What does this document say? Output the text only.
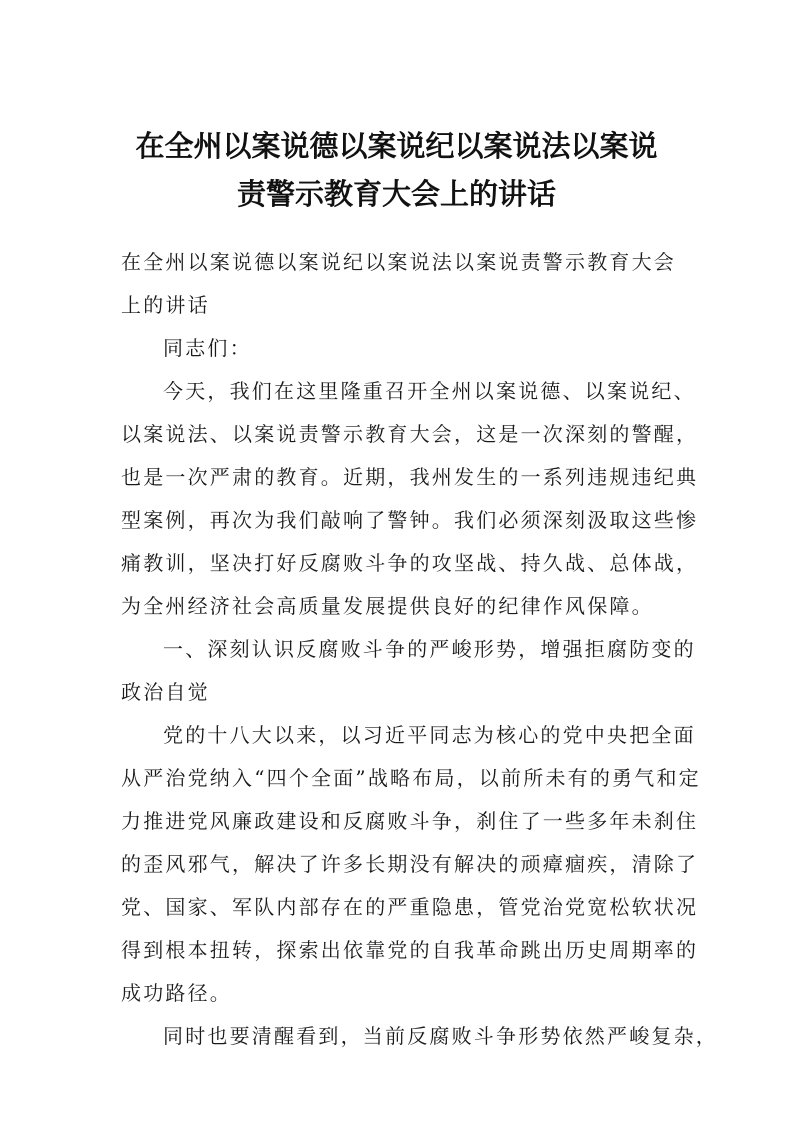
在全州以案说德以案说纪以案说法以案说
责警示教育大会上的讲话
在全州以案说德以案说纪以案说法以案说责警示教育大会
上的讲话
同志们：
今天，我们在这里隆重召开全州以案说德、以案说纪、
以案说法、以案说责警示教育大会，这是一次深刻的警醒，
也是一次严肃的教育。近期，我州发生的一系列违规违纪典
型案例，再次为我们敲响了警钟。我们必须深刻汲取这些惨
痛教训，坚决打好反腐败斗争的攻坚战、持久战、总体战，
为全州经济社会高质量发展提供良好的纪律作风保障。
一、深刻认识反腐败斗争的严峻形势，增强拒腐防变的
政治自觉
党的十八大以来，以习近平同志为核心的党中央把全面
从严治党纳入“四个全面”战略布局，以前所未有的勇气和定
力推进党风廉政建设和反腐败斗争，刹住了一些多年未刹住
的歪风邪气，解决了许多长期没有解决的顽瘴痼疾，清除了
党、国家、军队内部存在的严重隐患，管党治党宽松软状况
得到根本扭转，探索出依靠党的自我革命跳出历史周期率的
成功路径。
同时也要清醒看到，当前反腐败斗争形势依然严峻复杂，
